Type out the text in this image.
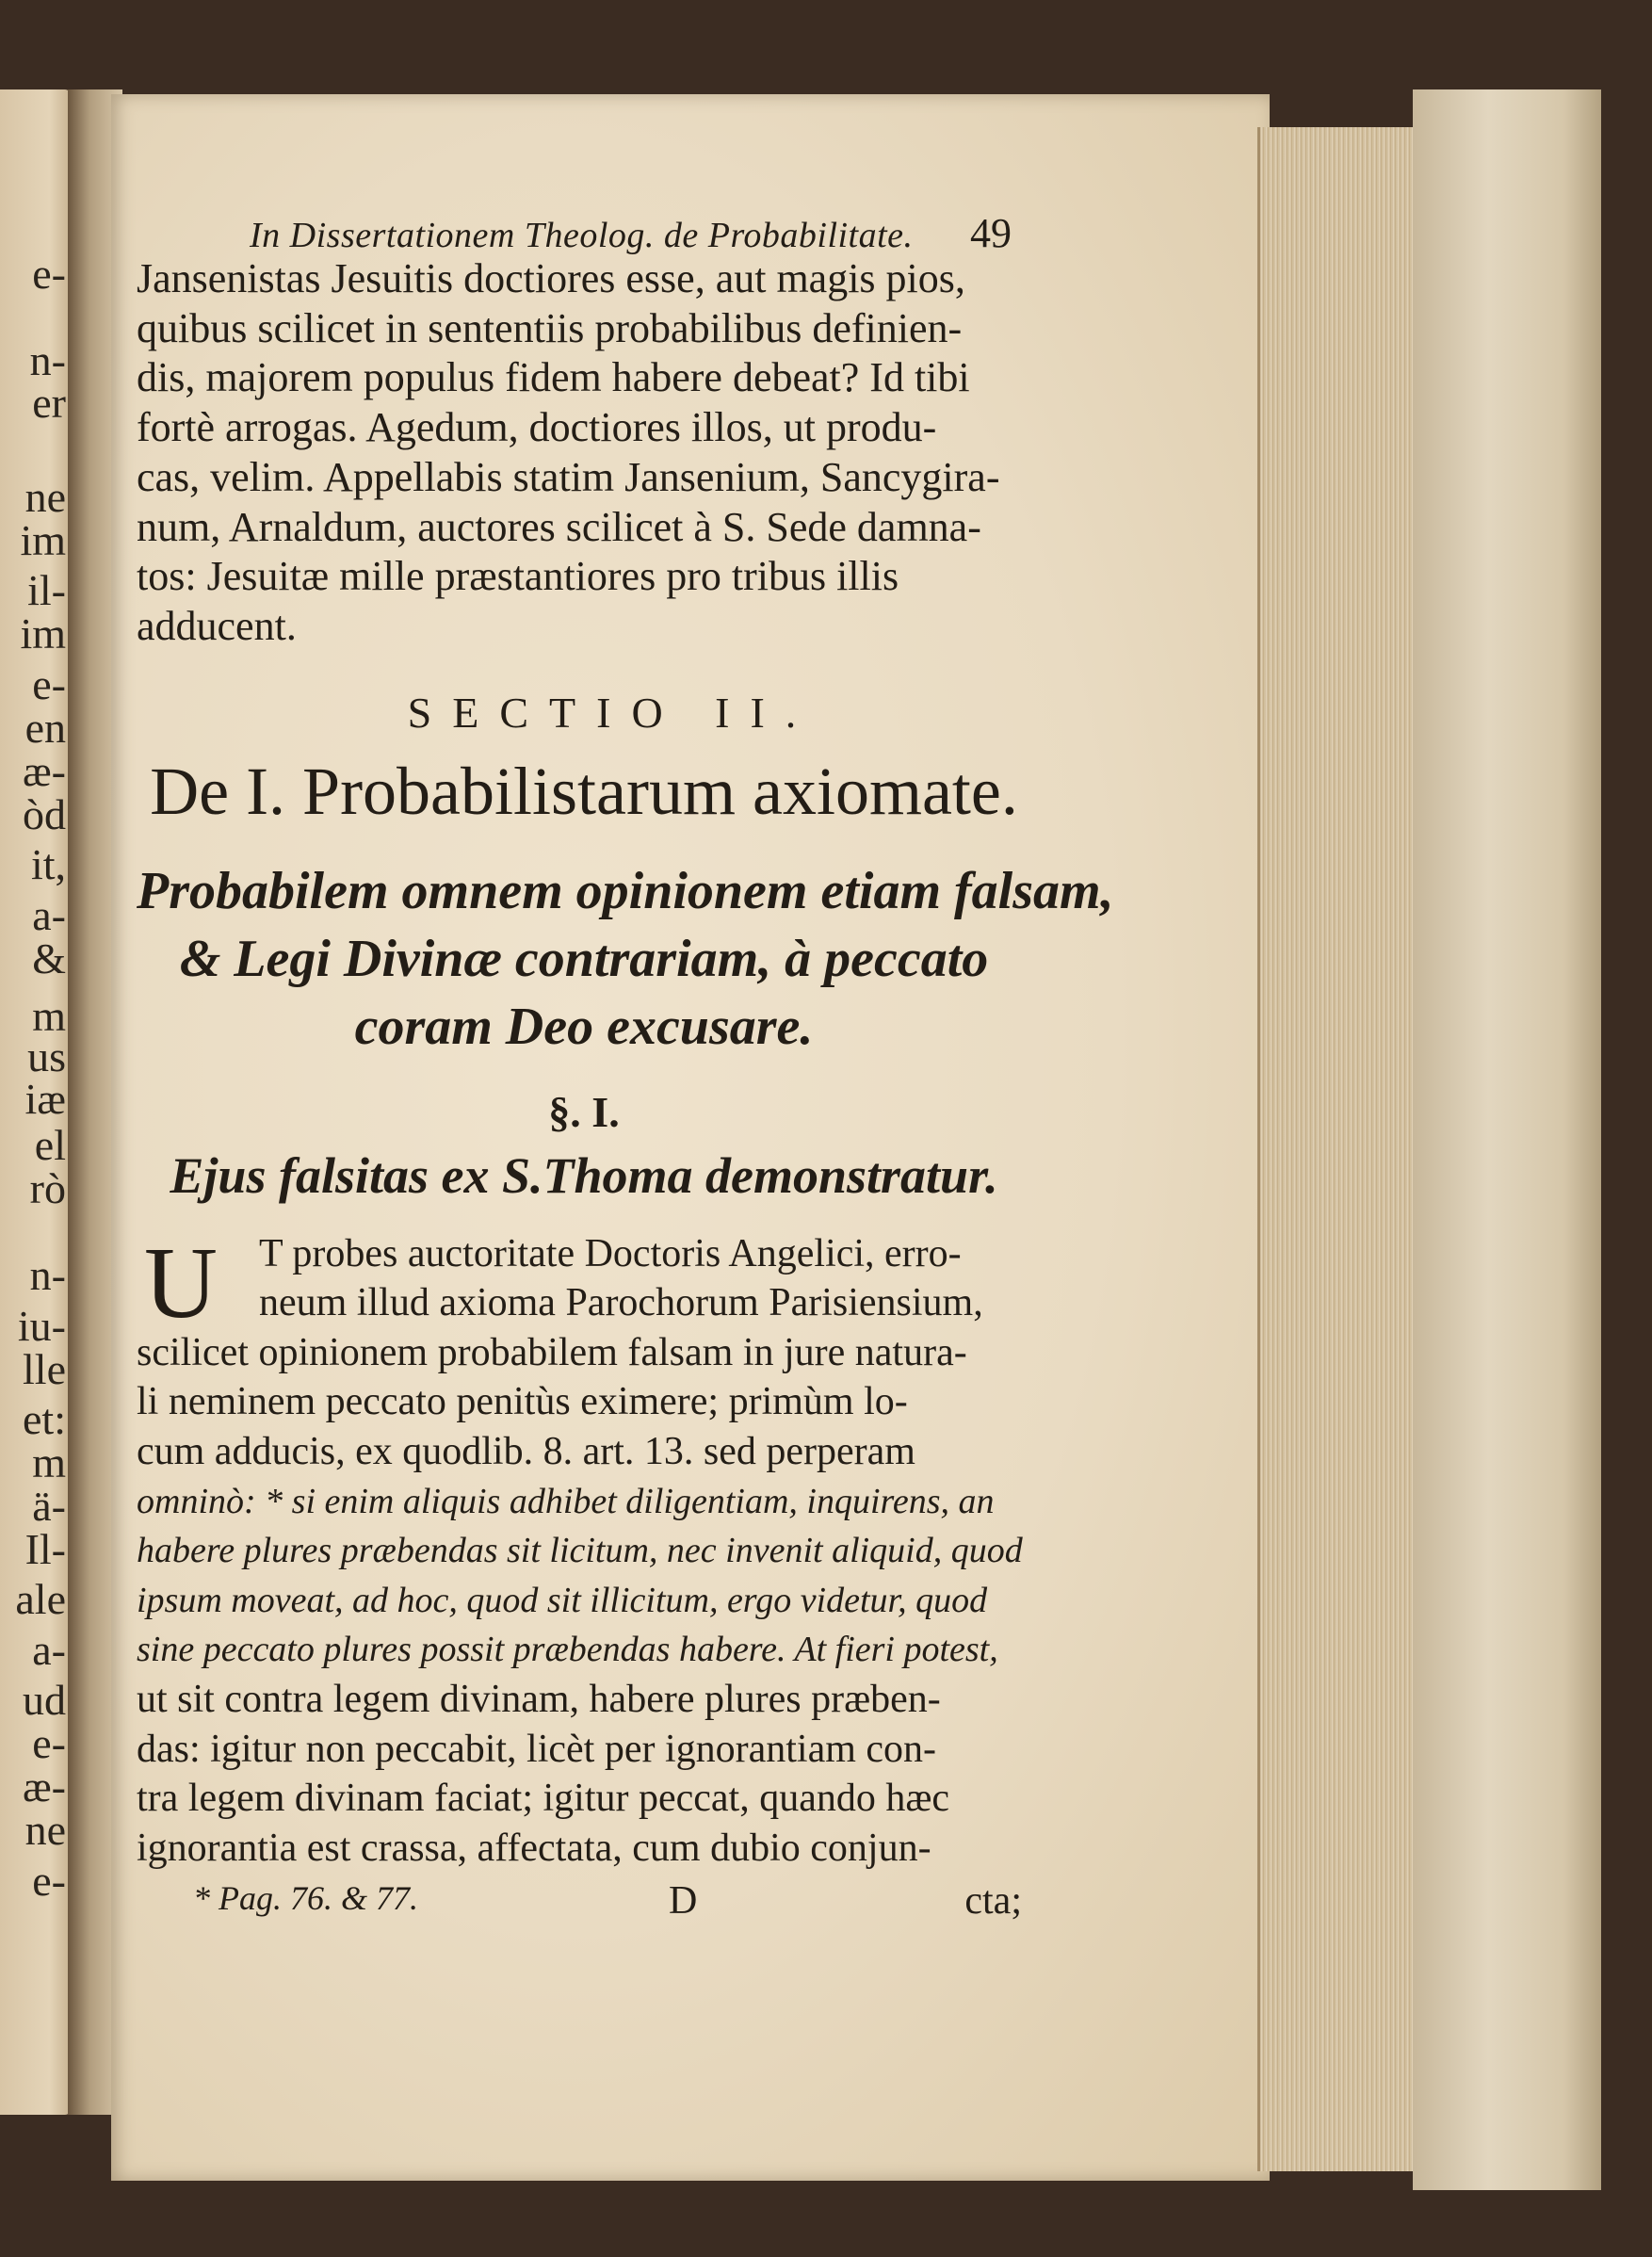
e-
n-
er
ne
im
il-
im
e-
en
æ-
òd
it,
a-
&
m
us
iæ
el
rò
n-
iu-
lle
et:
m
ä-
Il-
ale
a-
ud
e-
æ-
ne
e-
In Dissertationem Theolog. de Probabilitate. 49
Jansenistas Jesuitis doctiores esse, aut magis pios,
quibus scilicet in sententiis probabilibus definien-
dis, majorem populus fidem habere debeat? Id tibi
fortè arrogas. Agedum, doctiores illos, ut produ-
cas, velim. Appellabis statim Jansenium, Sancygira-
num, Arnaldum, auctores scilicet à S. Sede damna-
tos: Jesuitæ mille præstantiores pro tribus illis
adducent.
SECTIO II.
De I. Probabilistarum axiomate.
Probabilem omnem opinionem etiam falsam,
& Legi Divinæ contrariam, à peccato
coram Deo excusare.
§. I.
Ejus falsitas ex S.Thoma demonstratur.
U	T probes auctoritate Doctoris Angelici, erro-
neum illud axioma Parochorum Parisiensium,
scilicet opinionem probabilem falsam in jure natura-
li neminem peccato penitùs eximere; primùm lo-
cum adducis, ex quodlib. 8. art. 13. sed perperam
omninò: * si enim aliquis adhibet diligentiam, inquirens, an
habere plures præbendas sit licitum, nec invenit aliquid, quod
ipsum moveat, ad hoc, quod sit illicitum, ergo videtur, quod
sine peccato plures possit præbendas habere. At fieri potest,
ut sit contra legem divinam, habere plures præben-
das: igitur non peccabit, licèt per ignorantiam con-
tra legem divinam faciat; igitur peccat, quando hæc
ignorantia est crassa, affectata, cum dubio conjun-
* Pag. 76. & 77.	D	cta;
